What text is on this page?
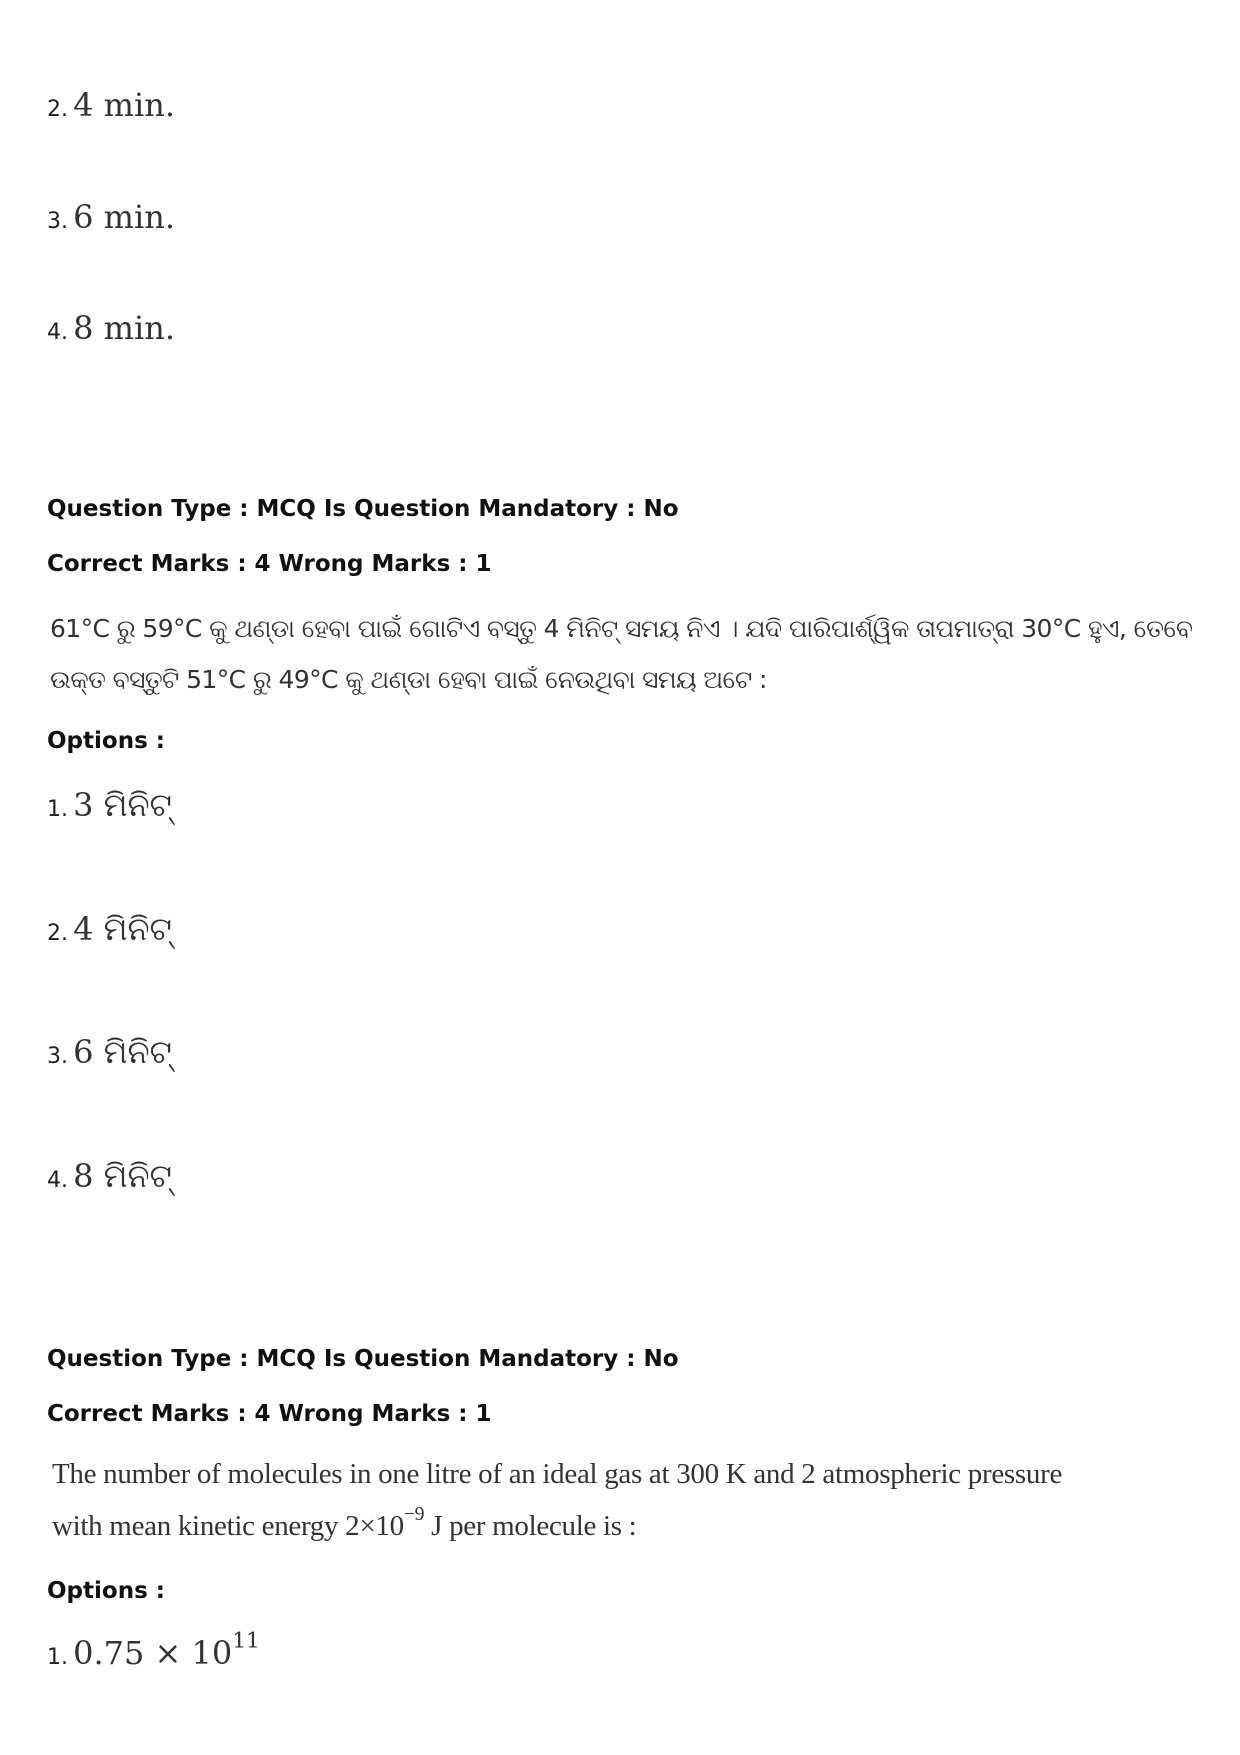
2. 4 min.
3. 6 min.
4. 8 min.
Question Type : MCQ Is Question Mandatory : No
Correct Marks : 4 Wrong Marks : 1
61°C ରୁ 59°C କୁ ଥଣ୍ଡା ହେବା ପାଇଁ ଗୋଟିଏ ବସ୍ତୁ 4 ମିନିଟ୍ ସମୟ ନିଏ । ଯଦି ପାରିପାର୍ଶ୍ୱିକ ତାପମାତ୍ରା 30°C ହୁଏ, ତେବେ
ଉକ୍ତ ବସ୍ତୁଟି 51°C ରୁ 49°C କୁ ଥଣ୍ଡା ହେବା ପାଇଁ ନେଉଥିବା ସମୟ ଅଟେ :
Options :
1. 3 ମିନିଟ୍
2. 4 ମିନିଟ୍
3. 6 ମିନିଟ୍
4. 8 ମିନିଟ୍
Question Type : MCQ Is Question Mandatory : No
Correct Marks : 4 Wrong Marks : 1
The number of molecules in one litre of an ideal gas at 300 K and 2 atmospheric pressure
with mean kinetic energy $2\times 10^{-9}$ J per molecule is :
Options :
1. $0.75 \times 10^{11}$
